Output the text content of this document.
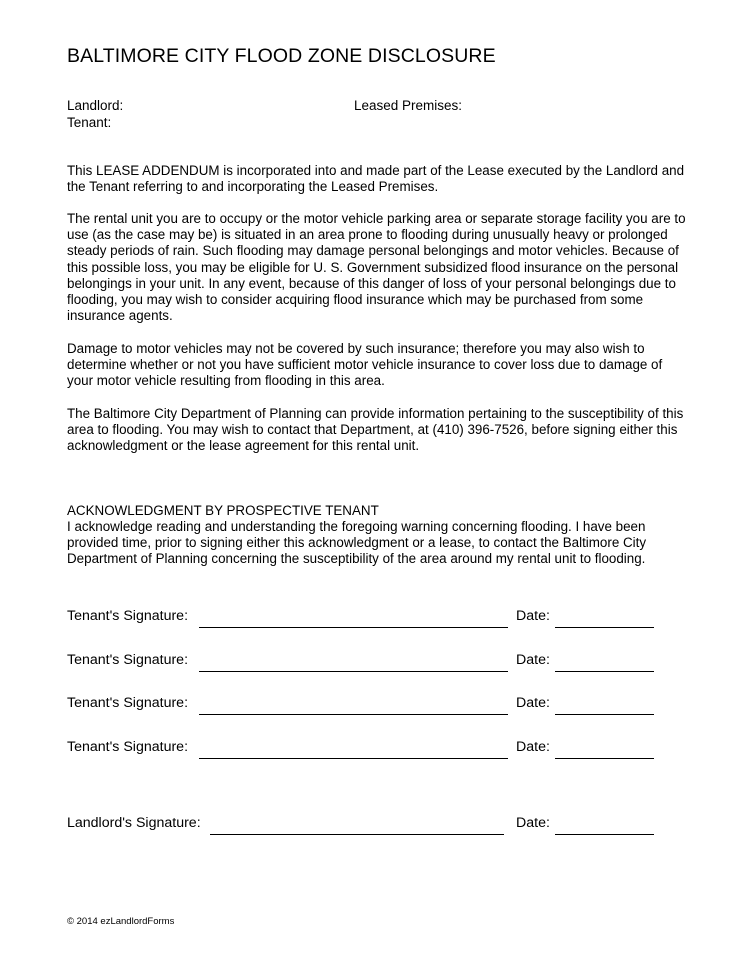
BALTIMORE CITY FLOOD ZONE DISCLOSURE
Landlord:
Tenant:
Leased Premises:

This LEASE ADDENDUM is incorporated into and made part of the Lease executed by the Landlord and the Tenant referring to and incorporating the Leased Premises.

The rental unit you are to occupy or the motor vehicle parking area or separate storage facility you are to use (as the case may be) is situated in an area prone to flooding during unusually heavy or prolonged steady periods of rain. Such flooding may damage personal belongings and motor vehicles. Because of this possible loss, you may be eligible for U. S. Government subsidized flood insurance on the personal belongings in your unit. In any event, because of this danger of loss of your personal belongings due to flooding, you may wish to consider acquiring flood insurance which may be purchased from some insurance agents.

Damage to motor vehicles may not be covered by such insurance; therefore you may also wish to determine whether or not you have sufficient motor vehicle insurance to cover loss due to damage of your motor vehicle resulting from flooding in this area.

The Baltimore City Department of Planning can provide information pertaining to the susceptibility of this area to flooding. You may wish to contact that Department, at (410) 396-7526, before signing either this acknowledgment or the lease agreement for this rental unit.

ACKNOWLEDGMENT BY PROSPECTIVE TENANT

I acknowledge reading and understanding the foregoing warning concerning flooding. I have been provided time, prior to signing either this acknowledgment or a lease, to contact the Baltimore City Department of Planning concerning the susceptibility of the area around my rental unit to flooding.

Tenant's Signature:	Date:
Tenant's Signature:	Date:
Tenant's Signature:	Date:
Tenant's Signature:	Date:
Landlord's Signature:	Date:
© 2014 ezLandlordForms
